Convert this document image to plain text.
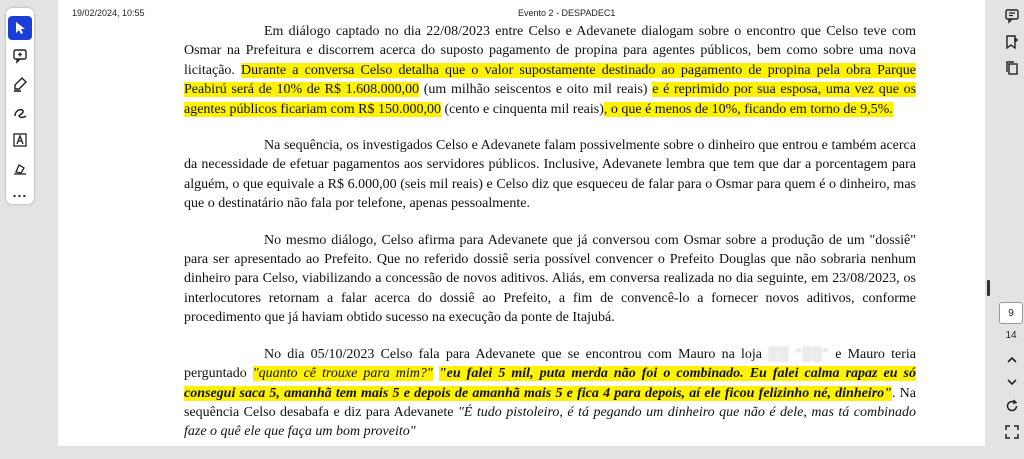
...
19/02/2024, 10:55	Evento 2 - DESPADEC1

Em diálogo captado no dia 22/08/2023 entre Celso e Adevanete dialogam sobre o encontro que Celso teve com Osmar na Prefeitura e discorrem acerca do suposto pagamento de propina para agentes públicos, bem como sobre uma nova licitação. Durante a conversa Celso detalha que o valor supostamente destinado ao pagamento de propina pela obra Parque Peabirú será de 10% de R$ 1.608.000,00 (um milhão seiscentos e oito mil reais) e é reprimido por sua esposa, uma vez que os agentes públicos ficariam com R$ 150.000,00 (cento e cinquenta mil reais), o que é menos de 10%, ficando em torno de 9,5%.

Na sequência, os investigados Celso e Adevanete falam possivelmente sobre o dinheiro que entrou e também acerca da necessidade de efetuar pagamentos aos servidores públicos. Inclusive, Adevanete lembra que tem que dar a porcentagem para alguém, o que equivale a R$ 6.000,00 (seis mil reais) e Celso diz que esqueceu de falar para o Osmar para quem é o dinheiro, mas que o destinatário não fala por telefone, apenas pessoalmente.

No mesmo diálogo, Celso afirma para Adevanete que já conversou com Osmar sobre a produção de um "dossiê" para ser apresentado ao Prefeito. Que no referido dossiê seria possível convencer o Prefeito Douglas que não sobraria nenhum dinheiro para Celso, viabilizando a concessão de novos aditivos. Aliás, em conversa realizada no dia seguinte, em 23/08/2023, os interlocutores retornam a falar acerca do dossiê ao Prefeito, a fim de convencê-lo a fornecer novos aditivos, conforme procedimento que já haviam obtido sucesso na execução da ponte de Itajubá.

No dia 05/10/2023 Celso fala para Adevanete que se encontrou com Mauro na loja ▒▒ "▒▒" e Mauro teria perguntado "quanto cê trouxe para mim?" "eu falei 5 mil, puta merda não foi o combinado. Eu falei calma rapaz eu só consegui saca 5, amanhã tem mais 5 e depois de amanhã mais 5 e fica 4 para depois, aí ele ficou felizinho né, dinheiro". Na sequência Celso desabafa e diz para Adevanete "É tudo pistoleiro, é tá pegando um dinheiro que não é dele, mas tá combinado faze o quê ele que faça um bom proveito"

9
14
